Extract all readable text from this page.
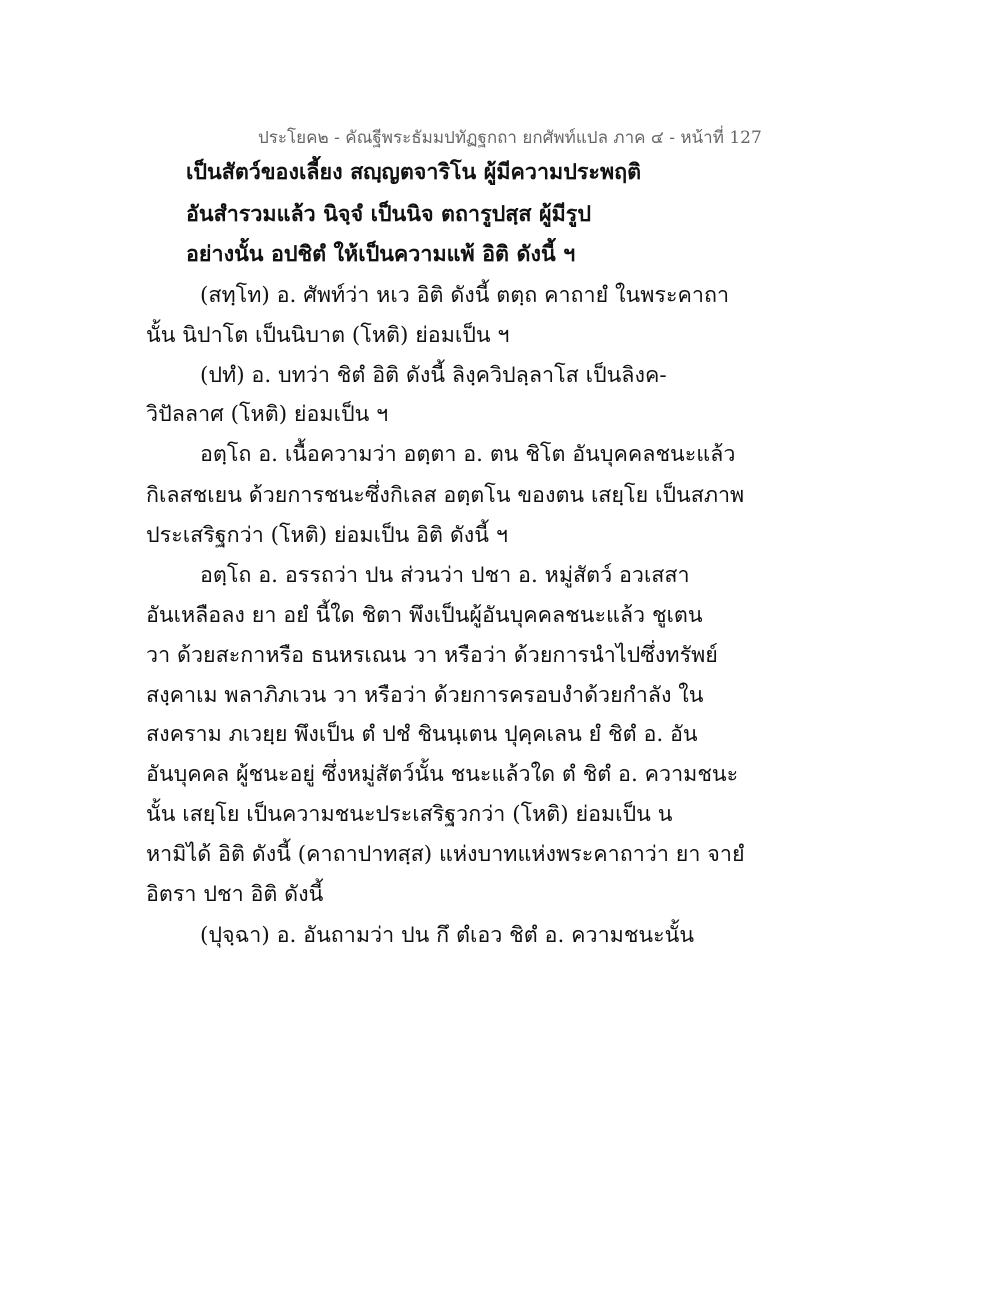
ประโยค๒ - คัณฐีพระธัมมปทัฏฐกถา ยกศัพท์แปล ภาค ๔ - หน้าที่ 127
เป็นสัตว์ของเลี้ยง สญฺญตจาริโน ผู้มีความประพฤติ
อันสำรวมแล้ว นิจฺจํ เป็นนิจ ตถารูปสฺส ผู้มีรูป
อย่างนั้น อปชิตํ ให้เป็นความแพ้ อิติ ดังนี้ ฯ
(สทฺโท) อ. ศัพท์ว่า หเว อิติ ดังนี้ ตตฺถ คาถายํ ในพระคาถา
นั้น นิปาโต เป็นนิบาต (โหติ) ย่อมเป็น ฯ
(ปทํ) อ. บทว่า ชิตํ อิติ ดังนี้ ลิงฺควิปลฺลาโส เป็นลิงค-
วิปัลลาศ (โหติ) ย่อมเป็น ฯ
อตฺโถ อ. เนื้อความว่า อตฺตา อ. ตน ชิโต อันบุคคลชนะแล้ว
กิเลสชเยน ด้วยการชนะซึ่งกิเลส อตฺตโน ของตน เสยฺโย เป็นสภาพ
ประเสริฐกว่า (โหติ) ย่อมเป็น อิติ ดังนี้ ฯ
อตฺโถ อ. อรรถว่า ปน ส่วนว่า ปชา อ. หมู่สัตว์ อวเสสา
อันเหลือลง ยา อยํ นี้ใด ชิตา พึงเป็นผู้อันบุคคลชนะแล้ว ชูเตน
วา ด้วยสะกาหรือ ธนหรเณน วา หรือว่า ด้วยการนำไปซึ่งทรัพย์
สงฺคาเม พลาภิภเวน วา หรือว่า ด้วยการครอบงำด้วยกำลัง ใน
สงคราม ภเวยฺย พึงเป็น ตํ ปชํ ชินนฺเตน ปุคฺคเลน ยํ ชิตํ อ. อัน
อันบุคคล ผู้ชนะอยู่ ซึ่งหมู่สัตว์นั้น ชนะแล้วใด ตํ ชิตํ อ. ความชนะ
นั้น เสยฺโย เป็นความชนะประเสริฐวกว่า (โหติ) ย่อมเป็น น
หามิได้ อิติ ดังนี้ (คาถาปาทสฺส) แห่งบาทแห่งพระคาถาว่า ยา จายํ
อิตรา ปชา อิติ ดังนี้
(ปุจฺฉา) อ. อันถามว่า ปน กึ ตํเอว ชิตํ อ. ความชนะนั้น
